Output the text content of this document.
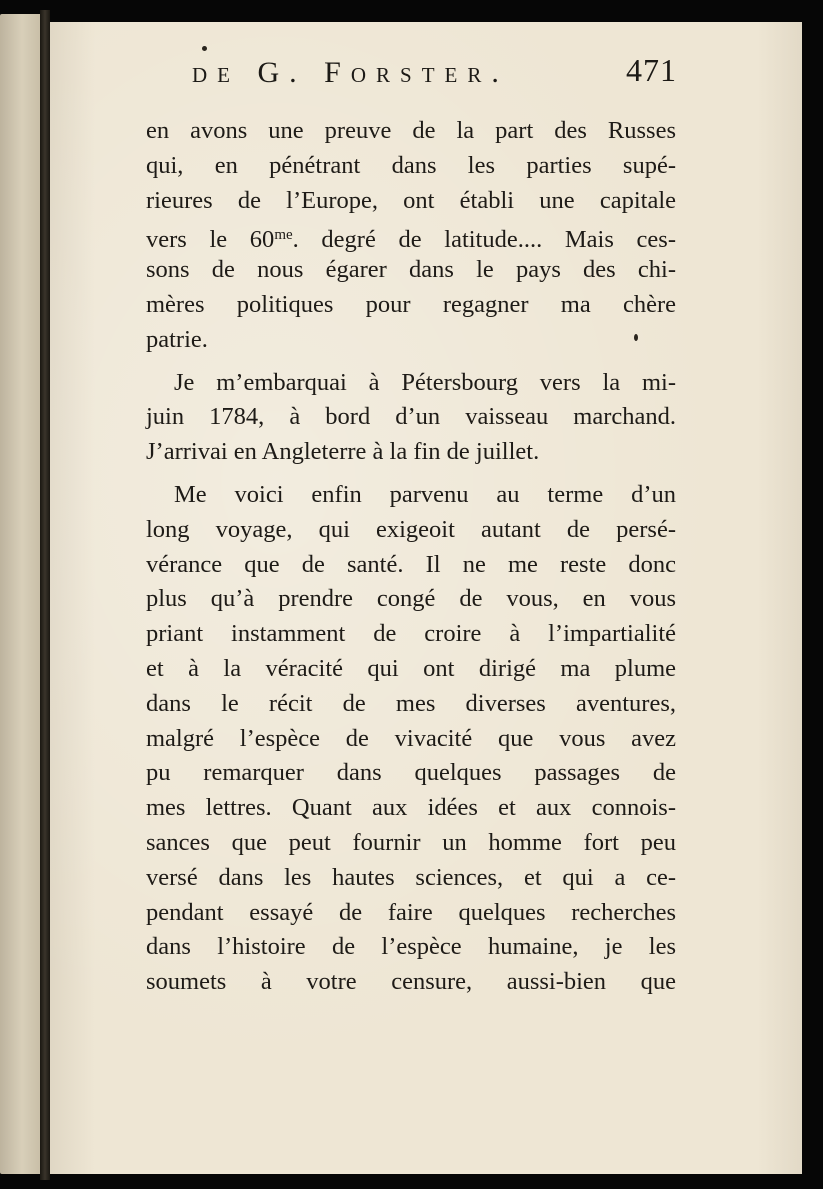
de G. Forster.	471
en avons une preuve de la part des Russes
qui, en pénétrant dans les parties supé-
rieures de l’Europe, ont établi une capitale
vers le $60^{me}$. degré de latitude.... Mais ces-
sons de nous égarer dans le pays des chi-
mères politiques pour regagner ma chère
patrie.
Je m’embarquai à Pétersbourg vers la mi-
juin 1784, à bord d’un vaisseau marchand.
J’arrivai en Angleterre à la fin de juillet.
Me voici enfin parvenu au terme d’un
long voyage, qui exigeoit autant de persé-
vérance que de santé. Il ne me reste donc
plus qu’à prendre congé de vous, en vous
priant instamment de croire à l’impartialité
et à la véracité qui ont dirigé ma plume
dans le récit de mes diverses aventures,
malgré l’espèce de vivacité que vous avez
pu remarquer dans quelques passages de
mes lettres. Quant aux idées et aux connois-
sances que peut fournir un homme fort peu
versé dans les hautes sciences, et qui a ce-
pendant essayé de faire quelques recherches
dans l’histoire de l’espèce humaine, je les
soumets à votre censure, aussi-bien que
